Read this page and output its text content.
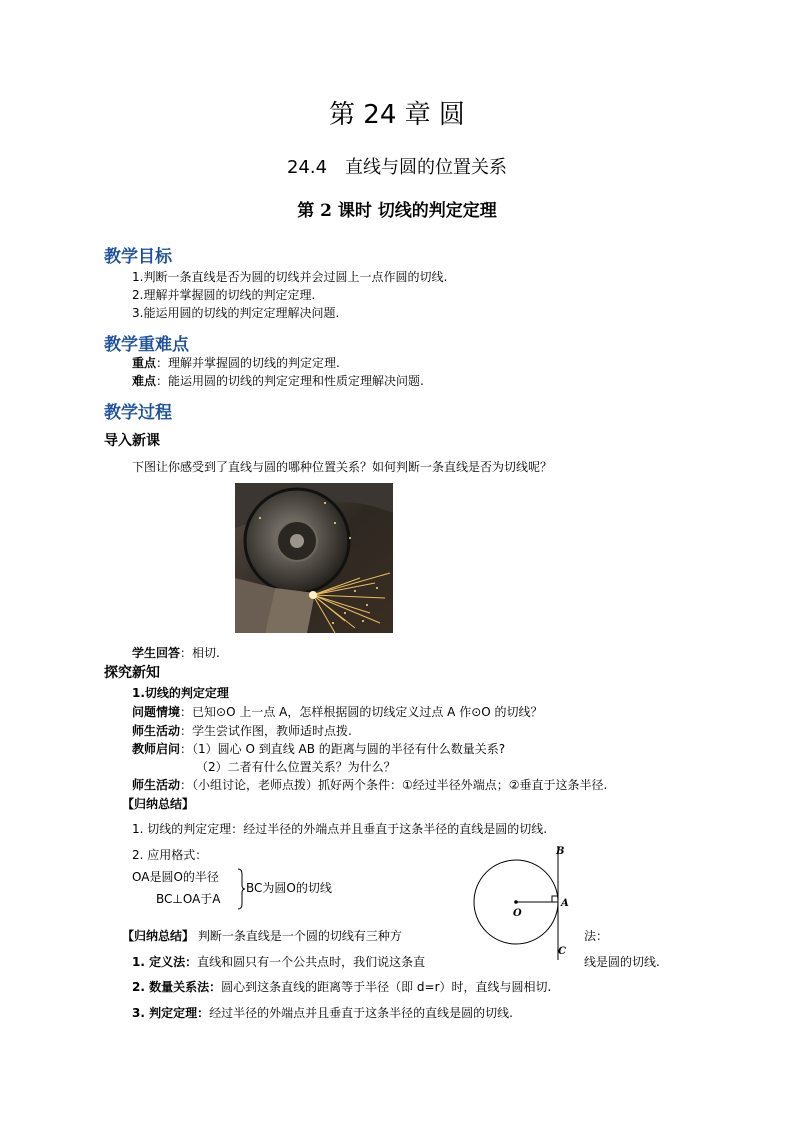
第 24 章 圆
24.4　直线与圆的位置关系
第 2 课时 切线的判定定理
教学目标
1.判断一条直线是否为圆的切线并会过圆上一点作圆的切线.
2.理解并掌握圆的切线的判定定理.
3.能运用圆的切线的判定定理解决问题.
教学重难点
重点：理解并掌握圆的切线的判定定理.
难点：能运用圆的切线的判定定理和性质定理解决问题.
教学过程
导入新课
下图让你感受到了直线与圆的哪种位置关系？如何判断一条直线是否为切线呢？
学生回答：相切.
探究新知
1.切线的判定定理
问题情境：已知⊙O 上一点 A，怎样根据圆的切线定义过点 A 作⊙O 的切线？
师生活动：学生尝试作图，教师适时点拨.
教师启问：（1）圆心 O 到直线 AB 的距离与圆的半径有什么数量关系?
（2）二者有什么位置关系？为什么？
师生活动：（小组讨论，老师点拨）抓好两个条件：①经过半径外端点；②垂直于这条半径.
【归纳总结】
1. 切线的判定定理：经过半径的外端点并且垂直于这条半径的直线是圆的切线.
2. 应用格式：
OA是圆O的半径
BC⊥OA于A
BC为圆O的切线
B
A
C
O
【归纳总结】 判断一条直线是一个圆的切线有三种方	法：
1. 定义法：直线和圆只有一个公共点时，我们说这条直	线是圆的切线.
2. 数量关系法：圆心到这条直线的距离等于半径（即 d=r）时，直线与圆相切.
3. 判定定理：经过半径的外端点并且垂直于这条半径的直线是圆的切线.
